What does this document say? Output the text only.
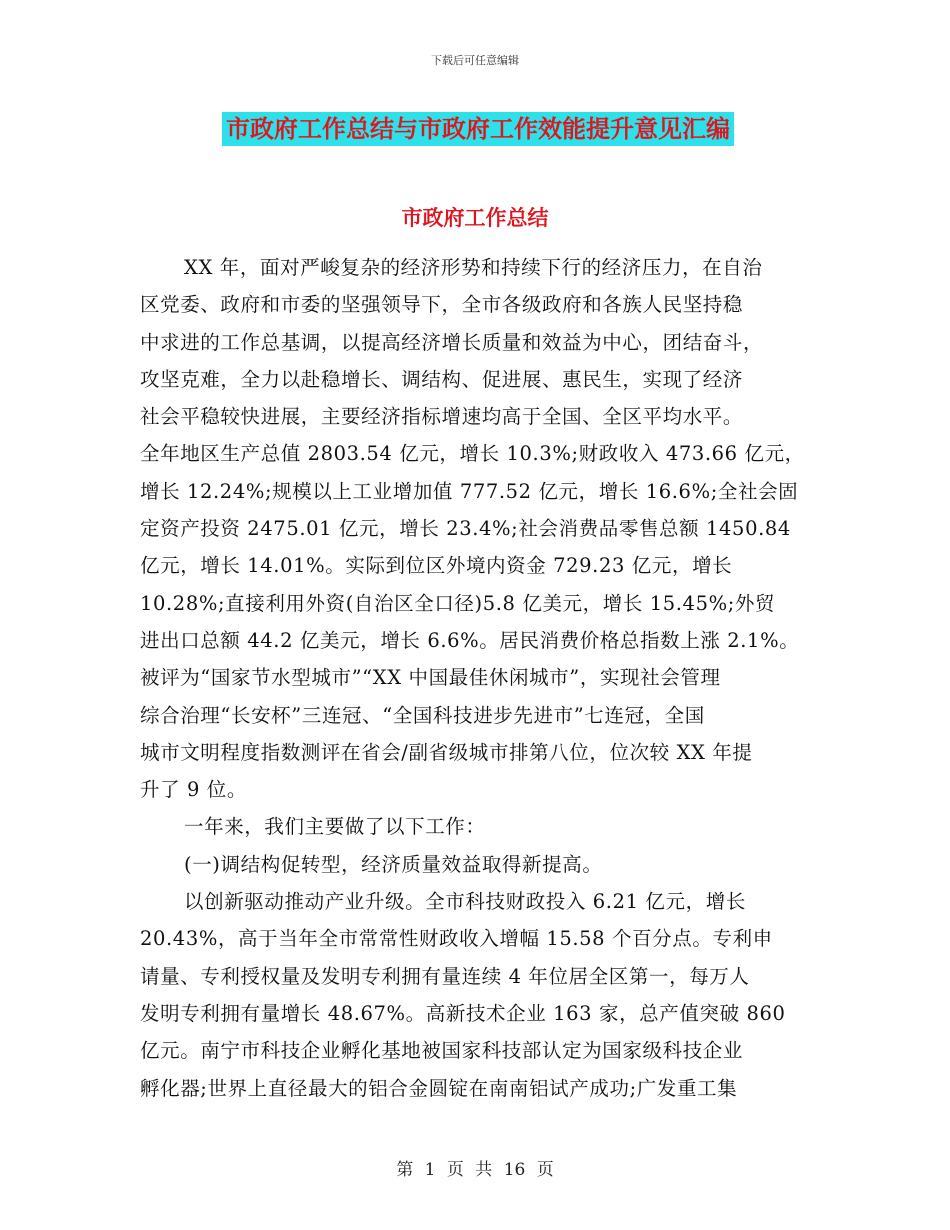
下载后可任意编辑
市政府工作总结与市政府工作效能提升意见汇编
市政府工作总结
XX 年，面对严峻复杂的经济形势和持续下行的经济压力，在自治
区党委、政府和市委的坚强领导下，全市各级政府和各族人民坚持稳
中求进的工作总基调，以提高经济增长质量和效益为中心，团结奋斗，
攻坚克难，全力以赴稳增长、调结构、促进展、惠民生，实现了经济
社会平稳较快进展，主要经济指标增速均高于全国、全区平均水平。
全年地区生产总值 2803.54 亿元，增长 10.3%;财政收入 473.66 亿元，
增长 12.24%;规模以上工业增加值 777.52 亿元，增长 16.6%;全社会固
定资产投资 2475.01 亿元，增长 23.4%;社会消费品零售总额 1450.84
亿元，增长 14.01%。实际到位区外境内资金 729.23 亿元，增长
10.28%;直接利用外资(自治区全口径)5.8 亿美元，增长 15.45%;外贸
进出口总额 44.2 亿美元，增长 6.6%。居民消费价格总指数上涨 2.1%。
被评为“国家节水型城市”“XX 中国最佳休闲城市”，实现社会管理
综合治理“长安杯”三连冠、“全国科技进步先进市”七连冠，全国
城市文明程度指数测评在省会/副省级城市排第八位，位次较 XX 年提
升了 9 位。
一年来，我们主要做了以下工作：
(一)调结构促转型，经济质量效益取得新提高。
以创新驱动推动产业升级。全市科技财政投入 6.21 亿元，增长
20.43%，高于当年全市常常性财政收入增幅 15.58 个百分点。专利申
请量、专利授权量及发明专利拥有量连续 4 年位居全区第一，每万人
发明专利拥有量增长 48.67%。高新技术企业 163 家，总产值突破 860
亿元。南宁市科技企业孵化基地被国家科技部认定为国家级科技企业
孵化器;世界上直径最大的铝合金圆锭在南南铝试产成功;广发重工集
第 1 页 共 16 页
